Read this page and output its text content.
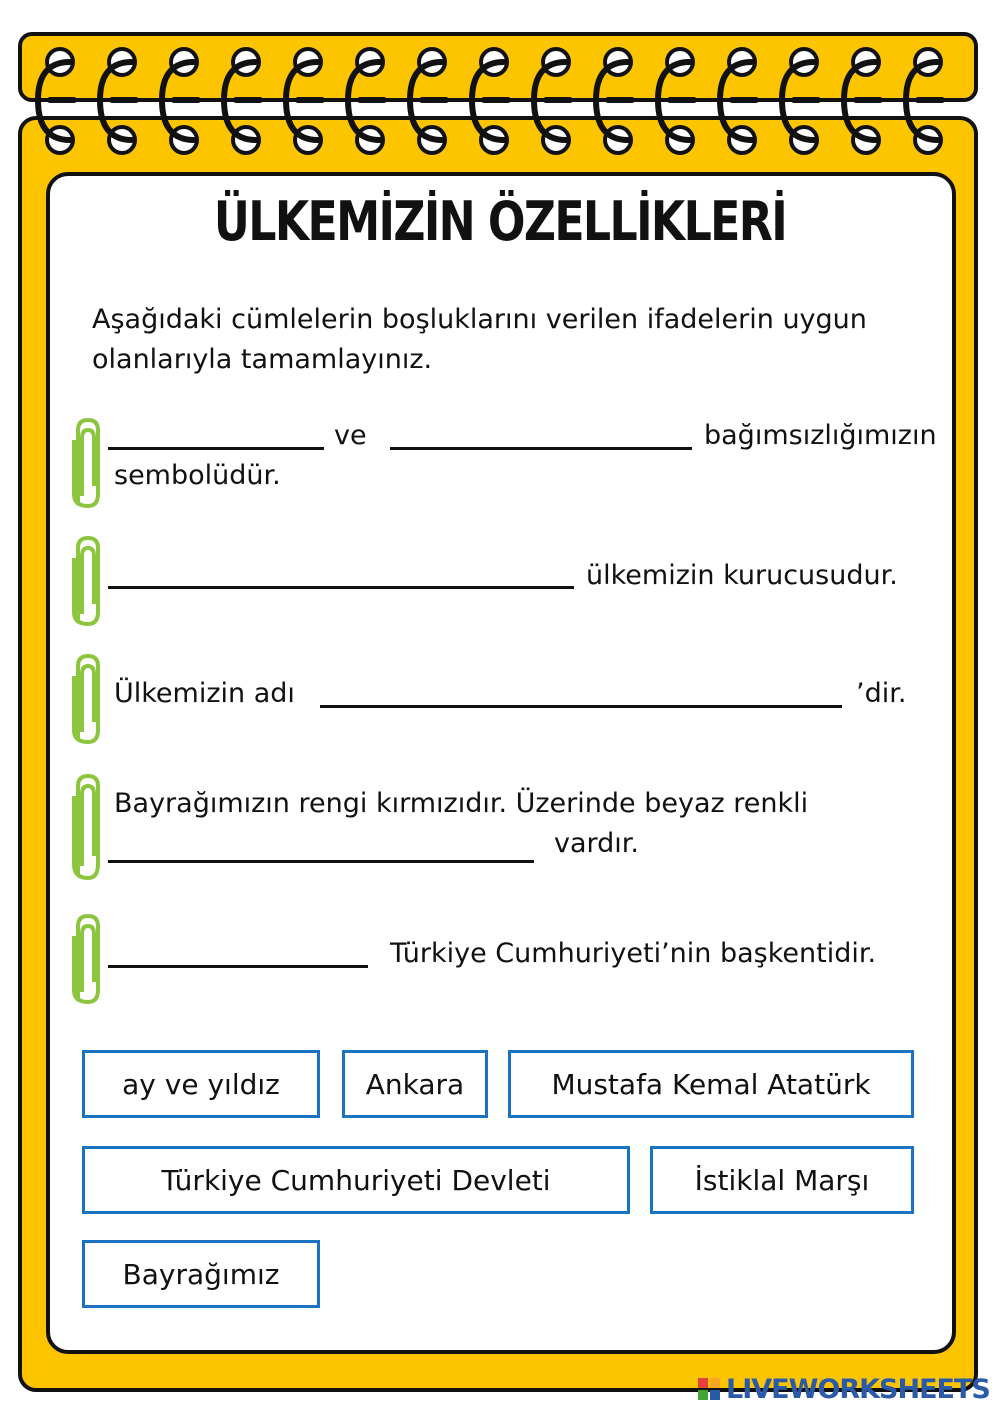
ÜLKEMİZİN ÖZELLİKLERİ
Aşağıdaki cümlelerin boşluklarını verilen ifadelerin uygun olanlarıyla tamamlayınız.
ve	bağımsızlığımızın
sembolüdür.
ülkemizin kurucusudur.
Ülkemizin adı	’dir.
Bayrağımızın rengi kırmızıdır. Üzerinde beyaz renkli
vardır.
Türkiye Cumhuriyeti’nin başkentidir.
ay ve yıldız	Ankara	Mustafa Kemal Atatürk
Türkiye Cumhuriyeti Devleti	İstiklal Marşı
Bayrağımız
LIVEWORKSHEETS
